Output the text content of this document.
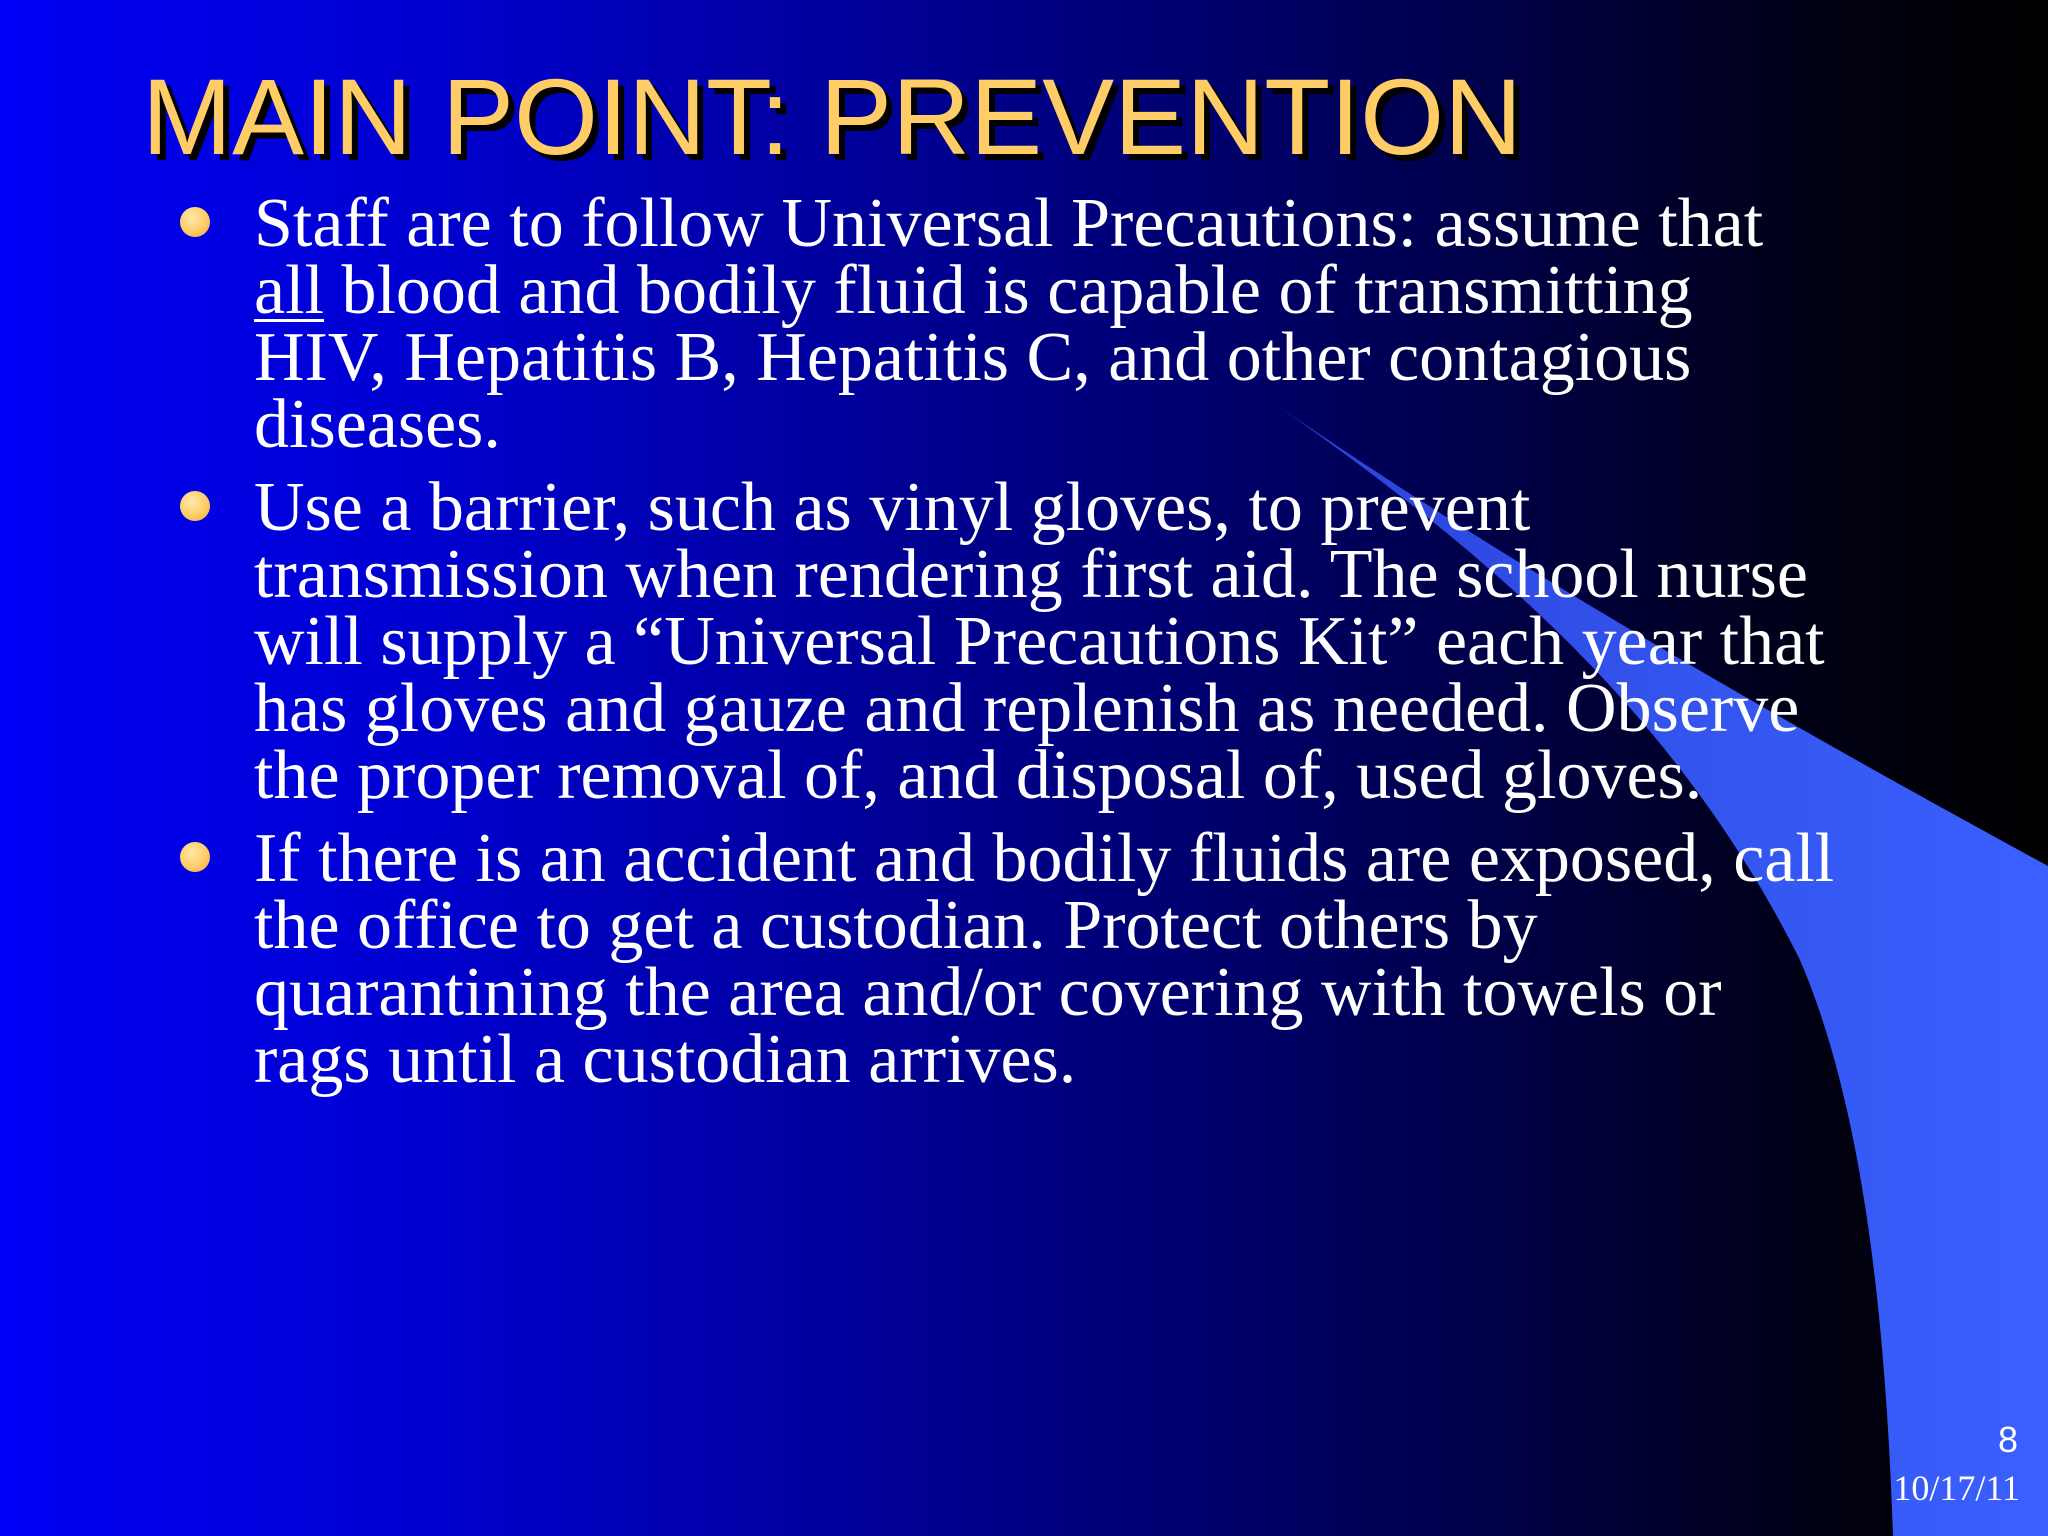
MAIN POINT: PREVENTION
Staff are to follow Universal Precautions: assume that all blood and bodily fluid is capable of transmitting HIV, Hepatitis B, Hepatitis C, and other contagious diseases.
Use a barrier, such as vinyl gloves, to prevent transmission when rendering first aid. The school nurse will supply a “Universal Precautions Kit” each year that has gloves and gauze and replenish as needed. Observe the proper removal of, and disposal of, used gloves.
If there is an accident and bodily fluids are exposed, call the office to get a custodian. Protect others by quarantining the area and/or covering with towels or rags until a custodian arrives.
8
10/17/11
